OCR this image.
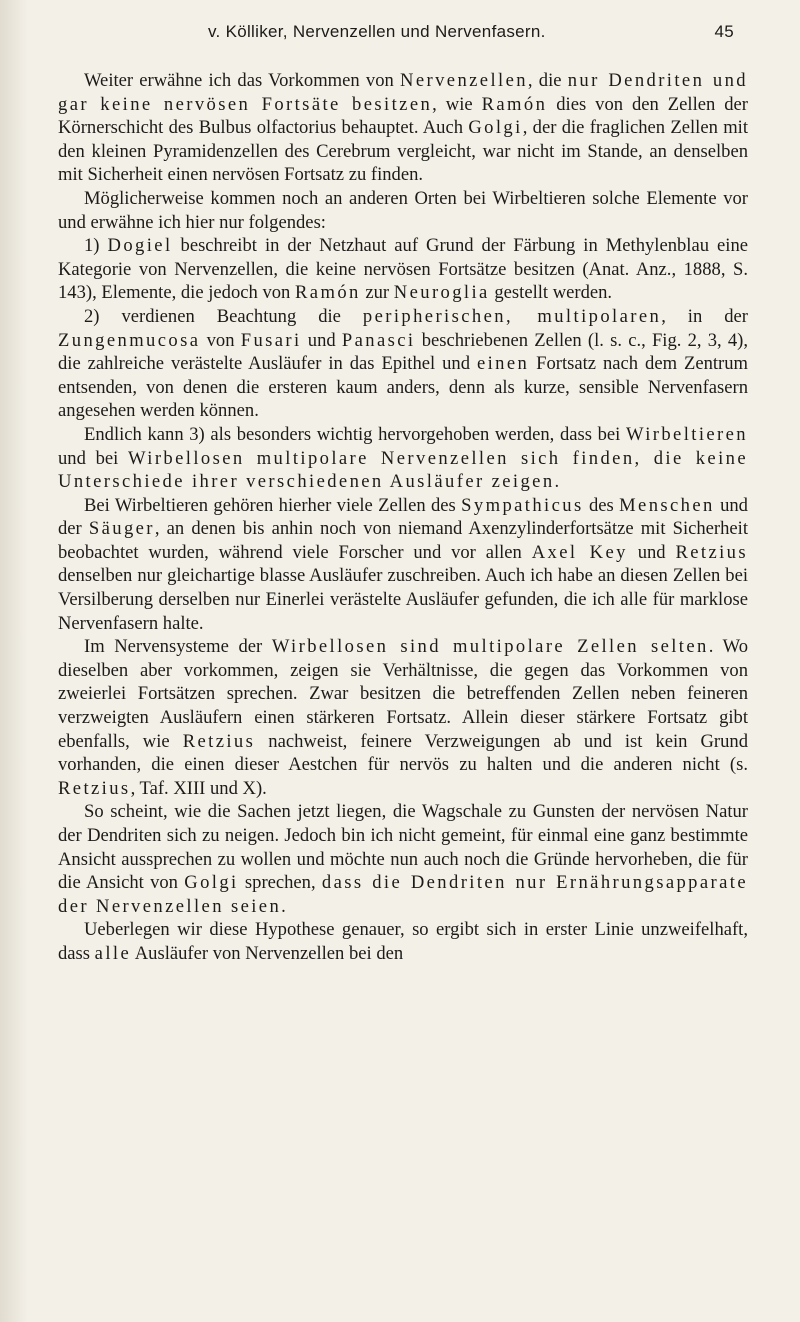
v. Kölliker, Nervenzellen und Nervenfasern.	45

Weiter erwähne ich das Vorkommen von Nervenzellen, die nur Dendriten und gar keine nervösen Fortsäte besitzen, wie Ramón dies von den Zellen der Körnerschicht des Bulbus olfactorius behauptet. Auch Golgi, der die fraglichen Zellen mit den kleinen Pyramidenzellen des Cerebrum vergleicht, war nicht im Stande, an denselben mit Sicherheit einen nervösen Fortsatz zu finden.

Möglicherweise kommen noch an anderen Orten bei Wirbeltieren solche Elemente vor und erwähne ich hier nur folgendes:

1) Dogiel beschreibt in der Netzhaut auf Grund der Färbung in Methylenblau eine Kategorie von Nervenzellen, die keine nervösen Fortsätze besitzen (Anat. Anz., 1888, S. 143), Elemente, die jedoch von Ramón zur Neuroglia gestellt werden.

2) verdienen Beachtung die peripherischen, multipolaren, in der Zungenmucosa von Fusari und Panasci beschriebenen Zellen (l. s. c., Fig. 2, 3, 4), die zahlreiche verästelte Ausläufer in das Epithel und einen Fortsatz nach dem Zentrum entsenden, von denen die ersteren kaum anders, denn als kurze, sensible Nervenfasern angesehen werden können.

Endlich kann 3) als besonders wichtig hervorgehoben werden, dass bei Wirbeltieren und bei Wirbellosen multipolare Nervenzellen sich finden, die keine Unterschiede ihrer verschiedenen Ausläufer zeigen.

Bei Wirbeltieren gehören hierher viele Zellen des Sympathicus des Menschen und der Säuger, an denen bis anhin noch von niemand Axenzylinderfortsätze mit Sicherheit beobachtet wurden, während viele Forscher und vor allen Axel Key und Retzius denselben nur gleichartige blasse Ausläufer zuschreiben. Auch ich habe an diesen Zellen bei Versilberung derselben nur Einerlei verästelte Ausläufer gefunden, die ich alle für marklose Nervenfasern halte.

Im Nervensysteme der Wirbellosen sind multipolare Zellen selten. Wo dieselben aber vorkommen, zeigen sie Verhältnisse, die gegen das Vorkommen von zweierlei Fortsätzen sprechen. Zwar besitzen die betreffenden Zellen neben feineren verzweigten Ausläufern einen stärkeren Fortsatz. Allein dieser stärkere Fortsatz gibt ebenfalls, wie Retzius nachweist, feinere Verzweigungen ab und ist kein Grund vorhanden, die einen dieser Aestchen für nervös zu halten und die anderen nicht (s. Retzius, Taf. XIII und X).

So scheint, wie die Sachen jetzt liegen, die Wagschale zu Gunsten der nervösen Natur der Dendriten sich zu neigen. Jedoch bin ich nicht gemeint, für einmal eine ganz bestimmte Ansicht aussprechen zu wollen und möchte nun auch noch die Gründe hervorheben, die für die Ansicht von Golgi sprechen, dass die Dendriten nur Ernährungsapparate der Nervenzellen seien.

Ueberlegen wir diese Hypothese genauer, so ergibt sich in erster Linie unzweifelhaft, dass alle Ausläufer von Nervenzellen bei den
